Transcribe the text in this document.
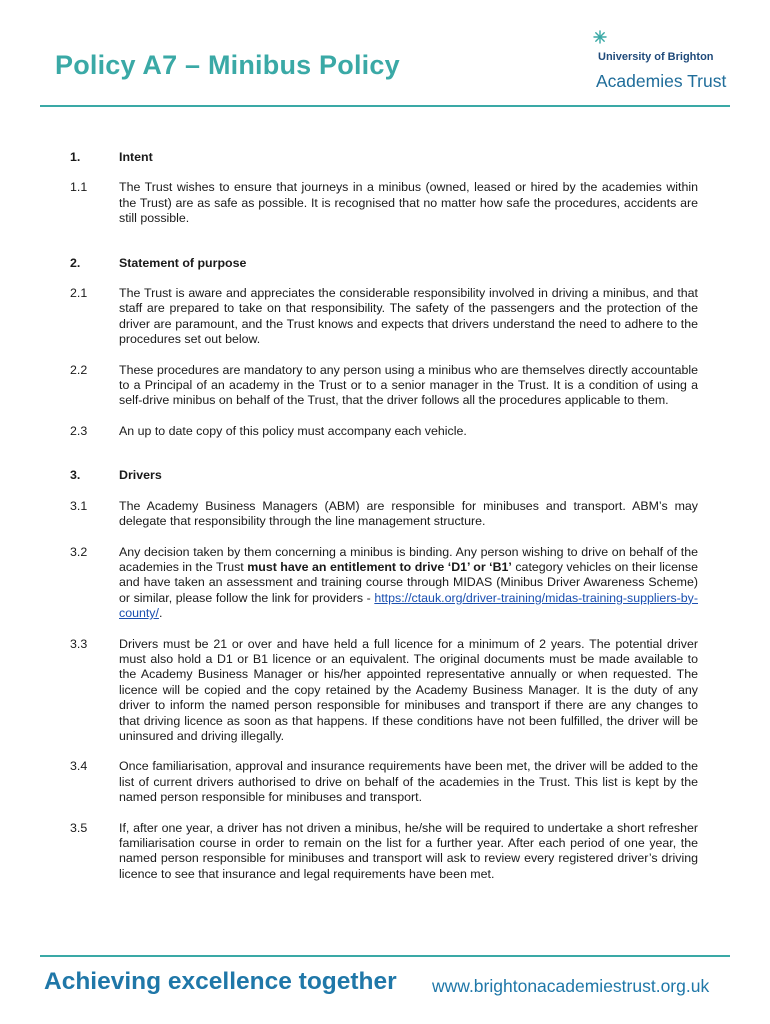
Policy A7 – Minibus Policy	University of Brighton
Academies Trust
1.	Intent
1.1	The Trust wishes to ensure that journeys in a minibus (owned, leased or hired by the academies within the Trust) are as safe as possible. It is recognised that no matter how safe the procedures, accidents are still possible.
2.	Statement of purpose
2.1	The Trust is aware and appreciates the considerable responsibility involved in driving a minibus, and that staff are prepared to take on that responsibility. The safety of the passengers and the protection of the driver are paramount, and the Trust knows and expects that drivers understand the need to adhere to the procedures set out below.
2.2	These procedures are mandatory to any person using a minibus who are themselves directly accountable to a Principal of an academy in the Trust or to a senior manager in the Trust. It is a condition of using a self-drive minibus on behalf of the Trust, that the driver follows all the procedures applicable to them.
2.3	An up to date copy of this policy must accompany each vehicle.
3.	Drivers
3.1	The Academy Business Managers (ABM) are responsible for minibuses and transport. ABM’s may delegate that responsibility through the line management structure.
3.2	Any decision taken by them concerning a minibus is binding. Any person wishing to drive on behalf of the academies in the Trust must have an entitlement to drive ‘D1’ or ‘B1’ category vehicles on their license and have taken an assessment and training course through MIDAS (Minibus Driver Awareness Scheme) or similar, please follow the link for providers - https://ctauk.org/driver-training/midas-training-suppliers-by-county/.
3.3	Drivers must be 21 or over and have held a full licence for a minimum of 2 years. The potential driver must also hold a D1 or B1 licence or an equivalent. The original documents must be made available to the Academy Business Manager or his/her appointed representative annually or when requested. The licence will be copied and the copy retained by the Academy Business Manager. It is the duty of any driver to inform the named person responsible for minibuses and transport if there are any changes to that driving licence as soon as that happens. If these conditions have not been fulfilled, the driver will be uninsured and driving illegally.
3.4	Once familiarisation, approval and insurance requirements have been met, the driver will be added to the list of current drivers authorised to drive on behalf of the academies in the Trust. This list is kept by the named person responsible for minibuses and transport.
3.5	If, after one year, a driver has not driven a minibus, he/she will be required to undertake a short refresher familiarisation course in order to remain on the list for a further year. After each period of one year, the named person responsible for minibuses and transport will ask to review every registered driver’s driving licence to see that insurance and legal requirements have been met.
Achieving excellence together www.brightonacademiestrust.org.uk
